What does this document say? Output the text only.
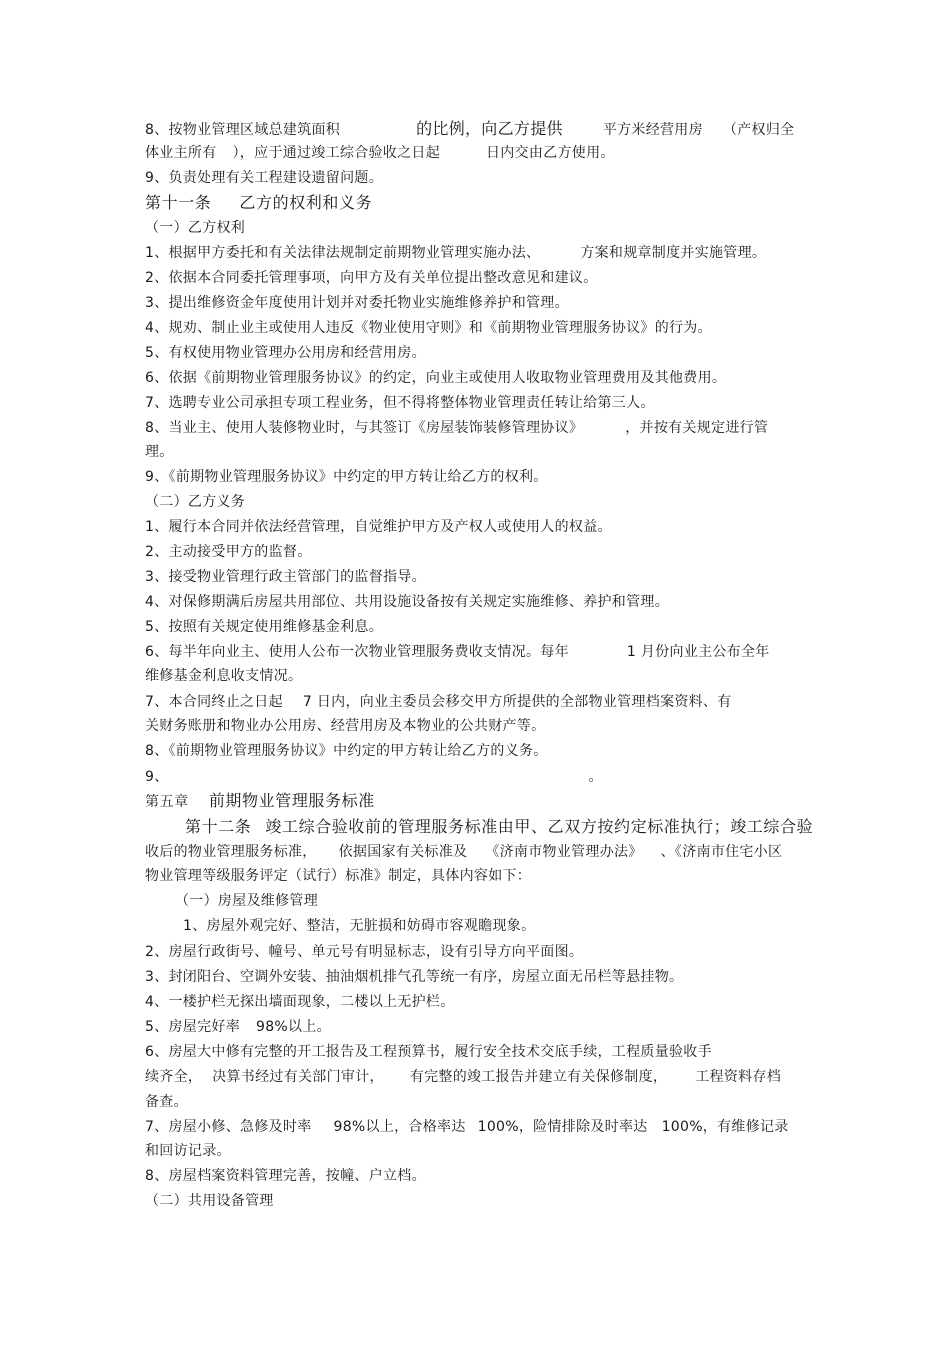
8、按物业管理区域总建筑面积	的比例，向乙方提供	平方米经营用房 （产权归全
体业主所有 ），应于通过竣工综合验收之日起	日内交由乙方使用。
9、负责处理有关工程建设遗留问题。
第十一条 乙方的权利和义务
（一）乙方权利
1、根据甲方委托和有关法律法规制定前期物业管理实施办法、	方案和规章制度并实施管理。
2、依据本合同委托管理事项，向甲方及有关单位提出整改意见和建议。
3、提出维修资金年度使用计划并对委托物业实施维修养护和管理。
4、规劝、制止业主或使用人违反《物业使用守则》和《前期物业管理服务协议》的行为。
5、有权使用物业管理办公用房和经营用房。
6、依据《前期物业管理服务协议》的约定，向业主或使用人收取物业管理费用及其他费用。
7、选聘专业公司承担专项工程业务，但不得将整体物业管理责任转让给第三人。
8、当业主、使用人装修物业时，与其签订《房屋装饰装修管理协议》	，并按有关规定进行管
理。
9、《前期物业管理服务协议》中约定的甲方转让给乙方的权利。
（二）乙方义务
1、履行本合同并依法经营管理，自觉维护甲方及产权人或使用人的权益。
2、主动接受甲方的监督。
3、接受物业管理行政主管部门的监督指导。
4、对保修期满后房屋共用部位、共用设施设备按有关规定实施维修、养护和管理。
5、按照有关规定使用维修基金利息。
6、每半年向业主、使用人公布一次物业管理服务费收支情况。每年	1 月份向业主公布全年
维修基金利息收支情况。
7、本合同终止之日起 7 日内，向业主委员会移交甲方所提供的全部物业管理档案资料、有
关财务账册和物业办公用房、经营用房及本物业的公共财产等。
8、《前期物业管理服务协议》中约定的甲方转让给乙方的义务。
9、	。
第五章 前期物业管理服务标准
第十二条 竣工综合验收前的管理服务标准由甲、乙双方按约定标准执行；竣工综合验
收后的物业管理服务标准， 依据国家有关标准及 《济南市物业管理办法》 、《济南市住宅小区
物业管理等级服务评定（试行）标准》制定，具体内容如下：
（一）房屋及维修管理
1、房屋外观完好、整洁，无脏损和妨碍市容观瞻现象。
2、房屋行政街号、幢号、单元号有明显标志，设有引导方向平面图。
3、封闭阳台、空调外安装、抽油烟机排气孔等统一有序，房屋立面无吊栏等悬挂物。
4、一楼护栏无探出墙面现象，二楼以上无护栏。
5、房屋完好率 98%以上。
6、房屋大中修有完整的开工报告及工程预算书，履行安全技术交底手续，工程质量验收手
续齐全， 决算书经过有关部门审计， 有完整的竣工报告并建立有关保修制度， 工程资料存档
备查。
7、房屋小修、急修及时率 98%以上，合格率达 100%，险情排除及时率达 100%，有维修记录
和回访记录。
8、房屋档案资料管理完善，按幢、户立档。
（二）共用设备管理
